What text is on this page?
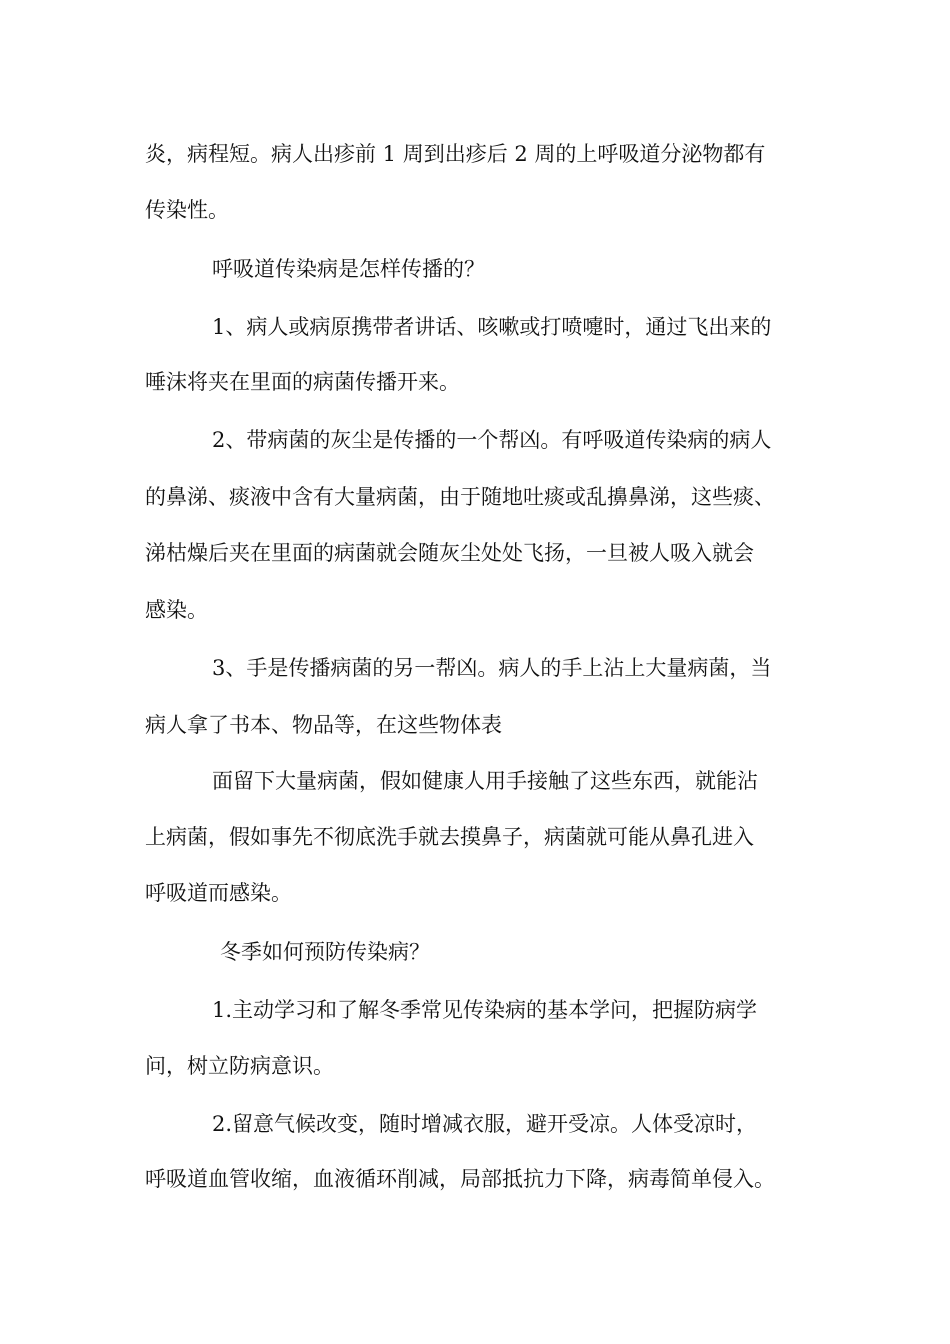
炎，病程短。病人出疹前 1 周到出疹后 2 周的上呼吸道分泌物都有
传染性。
呼吸道传染病是怎样传播的？
1、病人或病原携带者讲话、咳嗽或打喷嚏时，通过飞出来的
唾沫将夹在里面的病菌传播开来。
2、带病菌的灰尘是传播的一个帮凶。有呼吸道传染病的病人
的鼻涕、痰液中含有大量病菌，由于随地吐痰或乱擤鼻涕，这些痰、
涕枯燥后夹在里面的病菌就会随灰尘处处飞扬，一旦被人吸入就会
感染。
3、手是传播病菌的另一帮凶。病人的手上沾上大量病菌，当
病人拿了书本、物品等，在这些物体表
面留下大量病菌，假如健康人用手接触了这些东西，就能沾
上病菌，假如事先不彻底洗手就去摸鼻子，病菌就可能从鼻孔进入
呼吸道而感染。
冬季如何预防传染病？
1.主动学习和了解冬季常见传染病的基本学问，把握防病学
问，树立防病意识。
2.留意气候改变，随时增减衣服，避开受凉。人体受凉时，
呼吸道血管收缩，血液循环削减，局部抵抗力下降，病毒简单侵入。
